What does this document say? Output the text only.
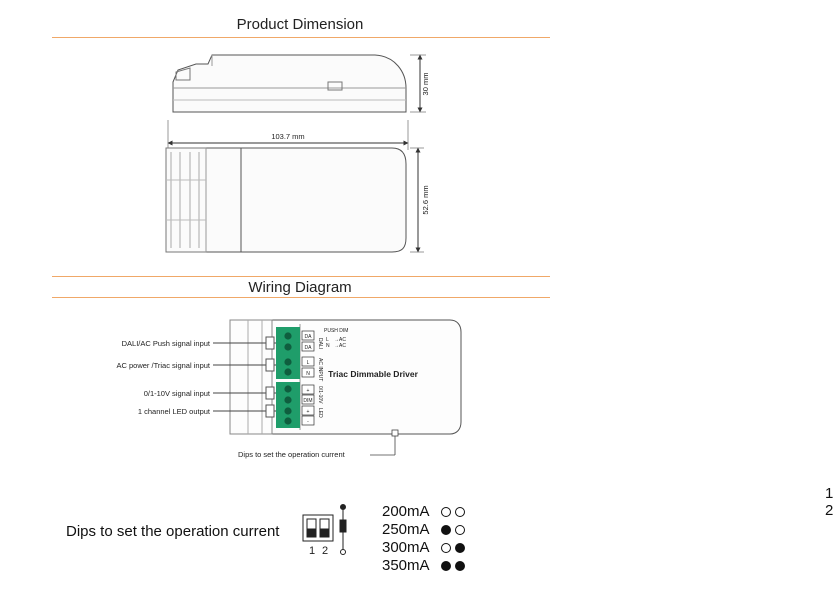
Product Dimension
30 mm
103.7 mm
52.6 mm
DA
DA
L
N
+
DIM
+
-
PUSH DIM
DALI
AC INPUT
0/1-10V
LED
L →AC
N →AC
Triac Dimmable Driver
DALI/AC Push signal input
AC power /Triac signal input
0/1-10V signal input
1 channel LED output
Dips to set the operation current
1 2
Wiring Diagram
Dips to set the operation current
1 2
200mA
250mA
300mA
350mA
